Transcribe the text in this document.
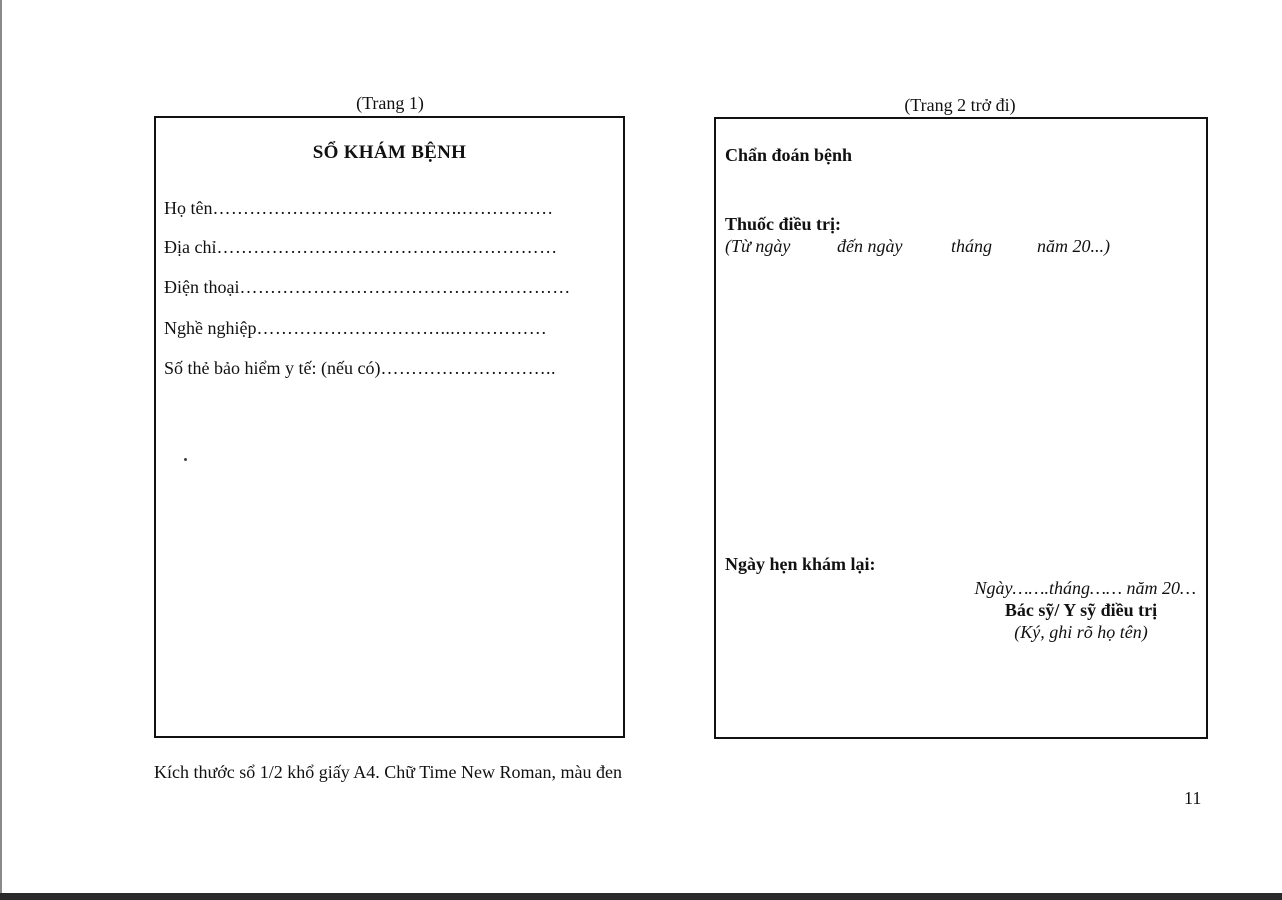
(Trang 1)
SỔ KHÁM BỆNH
Họ tên …………………………………..……………
Địa chỉ …………………………………..……………
Điện thoại ………………………………………………
Nghề nghiệp …………………………...……………
Số thẻ bảo hiểm y tế: (nếu có) ………………………..
(Trang 2 trở đi)
Chẩn đoán bệnh
Thuốc điều trị:
(Từ ngày	đến ngày	tháng năm 20...)
Ngày hẹn khám lại:
Ngày…….tháng…… năm 20…
Bác sỹ/ Y sỹ điều trị
(Ký, ghi rõ họ tên)
Kích thước sổ 1/2 khổ giấy A4. Chữ Time New Roman, màu đen
11
